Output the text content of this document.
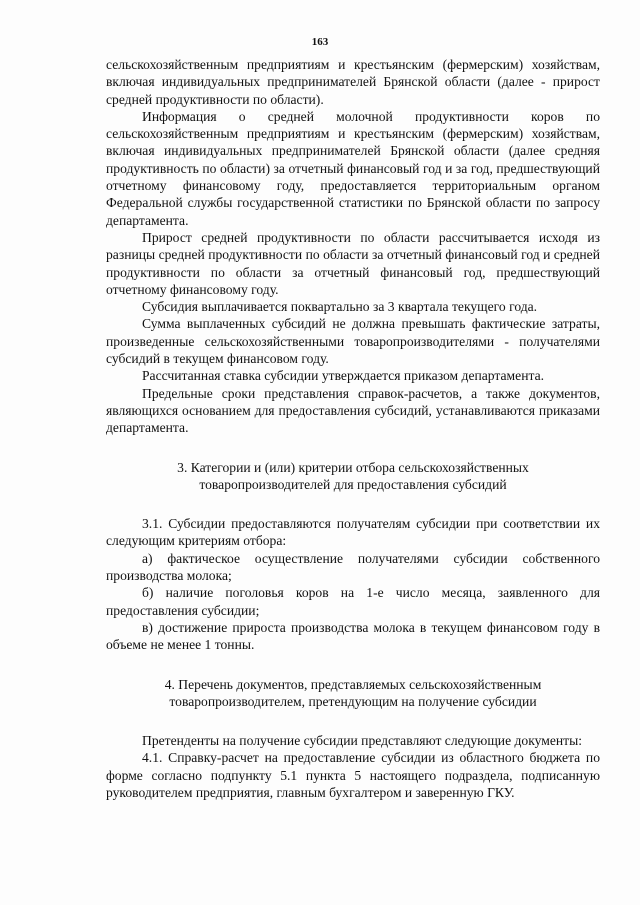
163

сельскохозяйственным предприятиям и крестьянским (фермерским) хозяйствам, включая индивидуальных предпринимателей Брянской области (далее - прирост средней продуктивности по области).

Информация о средней молочной продуктивности коров по сельскохозяйственным предприятиям и крестьянским (фермерским) хозяйствам, включая индивидуальных предпринимателей Брянской области (далее средняя продуктивность по области) за отчетный финансовый год и за год, предшествующий отчетному финансовому году, предоставляется территориальным органом Федеральной службы государственной статистики по Брянской области по запросу департамента.

Прирост средней продуктивности по области рассчитывается исходя из разницы средней продуктивности по области за отчетный финансовый год и средней продуктивности по области за отчетный финансовый год, предшествующий отчетному финансовому году.

Субсидия выплачивается поквартально за 3 квартала текущего года.

Сумма выплаченных субсидий не должна превышать фактические затраты, произведенные сельскохозяйственными товаропроизводителями - получателями субсидий в текущем финансовом году.

Рассчитанная ставка субсидии утверждается приказом департамента.

Предельные сроки представления справок-расчетов, а также документов, являющихся основанием для предоставления субсидий, устанавливаются приказами департамента.

3. Категории и (или) критерии отбора сельскохозяйственных товаропроизводителей для предоставления субсидий

3.1. Субсидии предоставляются получателям субсидии при соответствии их следующим критериям отбора:

а) фактическое осуществление получателями субсидии собственного производства молока;

б) наличие поголовья коров на 1-е число месяца, заявленного для предоставления субсидии;

в) достижение прироста производства молока в текущем финансовом году в объеме не менее 1 тонны.

4. Перечень документов, представляемых сельскохозяйственным товаропроизводителем, претендующим на получение субсидии

Претенденты на получение субсидии представляют следующие документы:

4.1. Справку-расчет на предоставление субсидии из областного бюджета по форме согласно подпункту 5.1 пункта 5 настоящего подраздела, подписанную руководителем предприятия, главным бухгалтером и заверенную ГКУ.
